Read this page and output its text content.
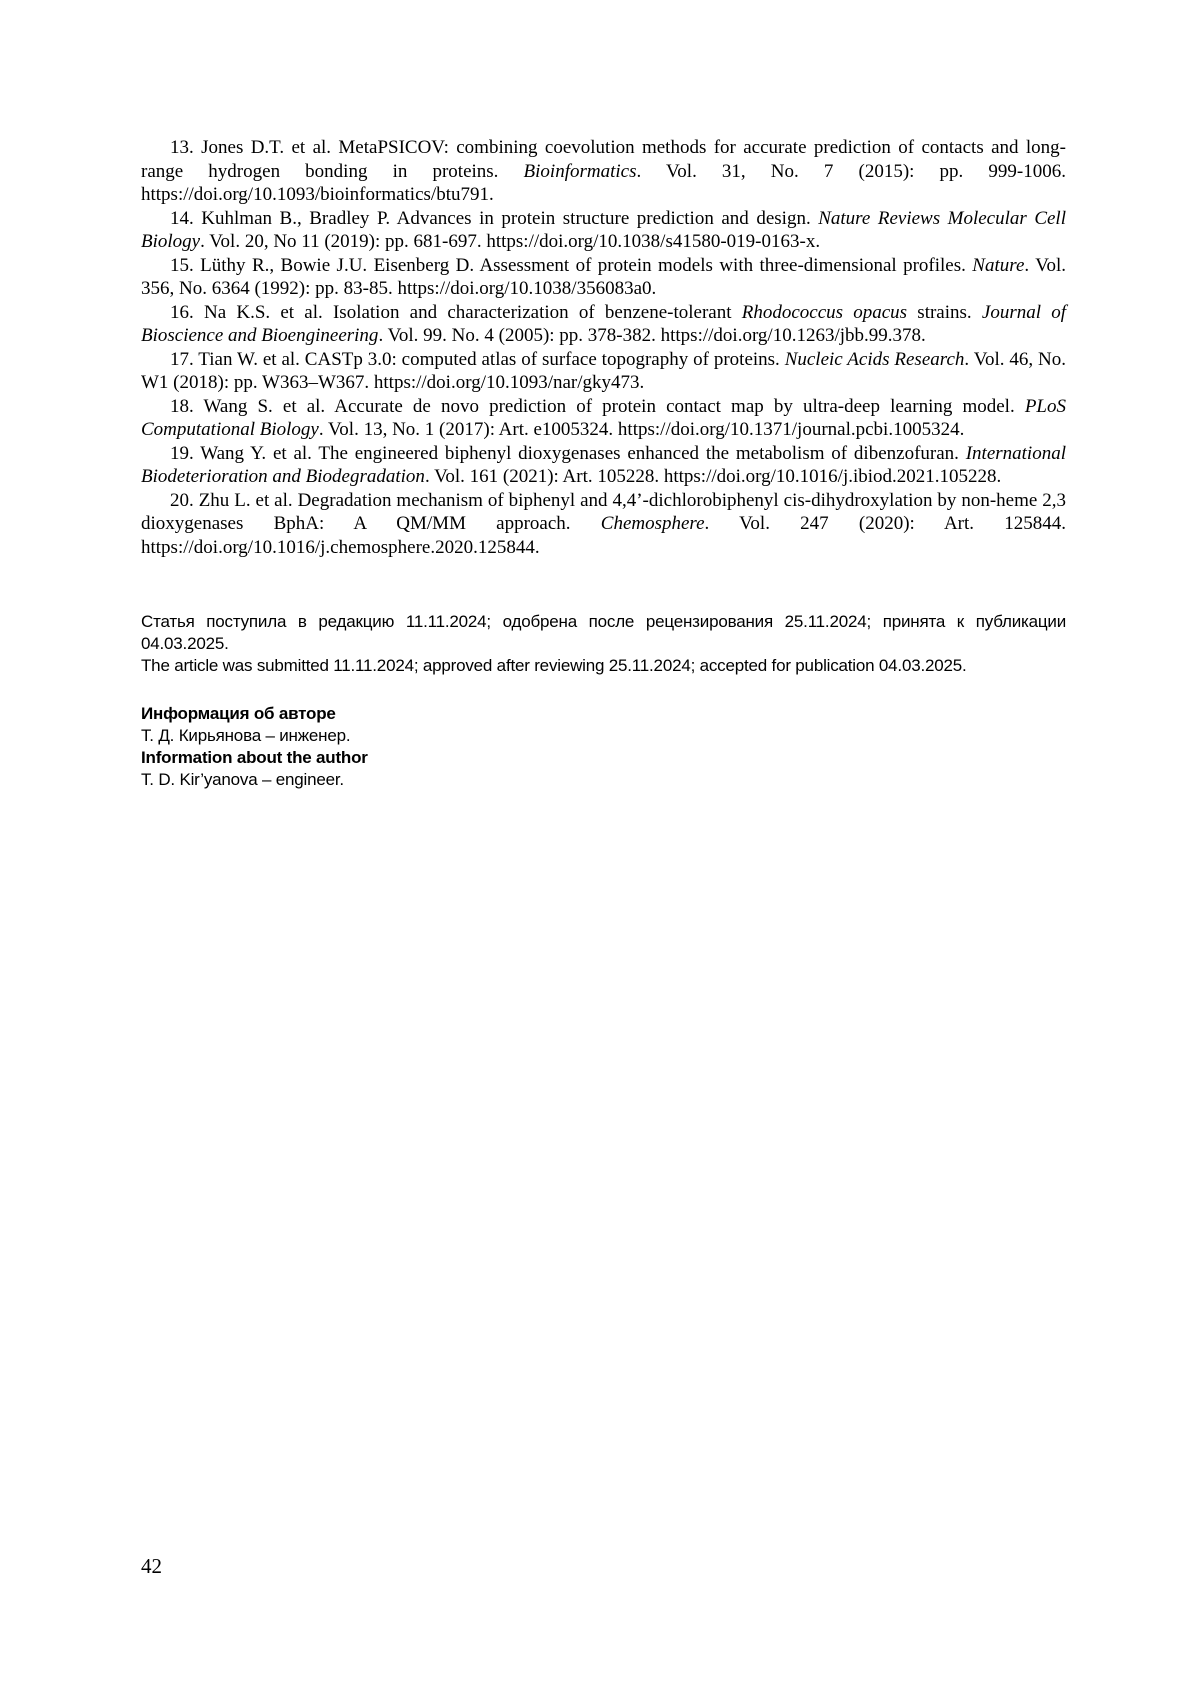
13. Jones D.T. et al. MetaPSICOV: combining coevolution methods for accurate prediction of contacts and long-range hydrogen bonding in proteins. Bioinformatics. Vol. 31, No. 7 (2015): pp. 999-1006. https://doi.org/10.1093/bioinformatics/btu791.

14. Kuhlman B., Bradley P. Advances in protein structure prediction and design. Nature Reviews Molecular Cell Biology. Vol. 20, No 11 (2019): pp. 681-697. https://doi.org/10.1038/s41580-019-0163-x.

15. Lüthy R., Bowie J.U. Eisenberg D. Assessment of protein models with three-dimensional profiles. Nature. Vol. 356, No. 6364 (1992): pp. 83-85. https://doi.org/10.1038/356083a0.

16. Na K.S. et al. Isolation and characterization of benzene-tolerant Rhodococcus opacus strains. Journal of Bioscience and Bioengineering. Vol. 99. No. 4 (2005): pp. 378-382. https://doi.org/10.1263/jbb.99.378.

17. Tian W. et al. CASTp 3.0: computed atlas of surface topography of proteins. Nucleic Acids Research. Vol. 46, No. W1 (2018): pp. W363–W367. https://doi.org/10.1093/nar/gky473.

18. Wang S. et al. Accurate de novo prediction of protein contact map by ultra-deep learning model. PLoS Computational Biology. Vol. 13, No. 1 (2017): Art. e1005324. https://doi.org/10.1371/journal.pcbi.1005324.

19. Wang Y. et al. The engineered biphenyl dioxygenases enhanced the metabolism of dibenzofuran. International Biodeterioration and Biodegradation. Vol. 161 (2021): Art. 105228. https://doi.org/10.1016/j.ibiod.2021.105228.

20. Zhu L. et al. Degradation mechanism of biphenyl and 4,4’-dichlorobiphenyl cis-dihydroxylation by non-heme 2,3 dioxygenases BphA: A QM/MM approach. Chemosphere. Vol. 247 (2020): Art. 125844. https://doi.org/10.1016/j.chemosphere.2020.125844.

Статья поступила в редакцию 11.11.2024; одобрена после рецензирования 25.11.2024; принята к публикации 04.03.2025.

The article was submitted 11.11.2024; approved after reviewing 25.11.2024; accepted for publication 04.03.2025.

Информация об авторе

Т. Д. Кирьянова – инженер.

Information about the author

T. D. Kir’yanova – engineer.

42
